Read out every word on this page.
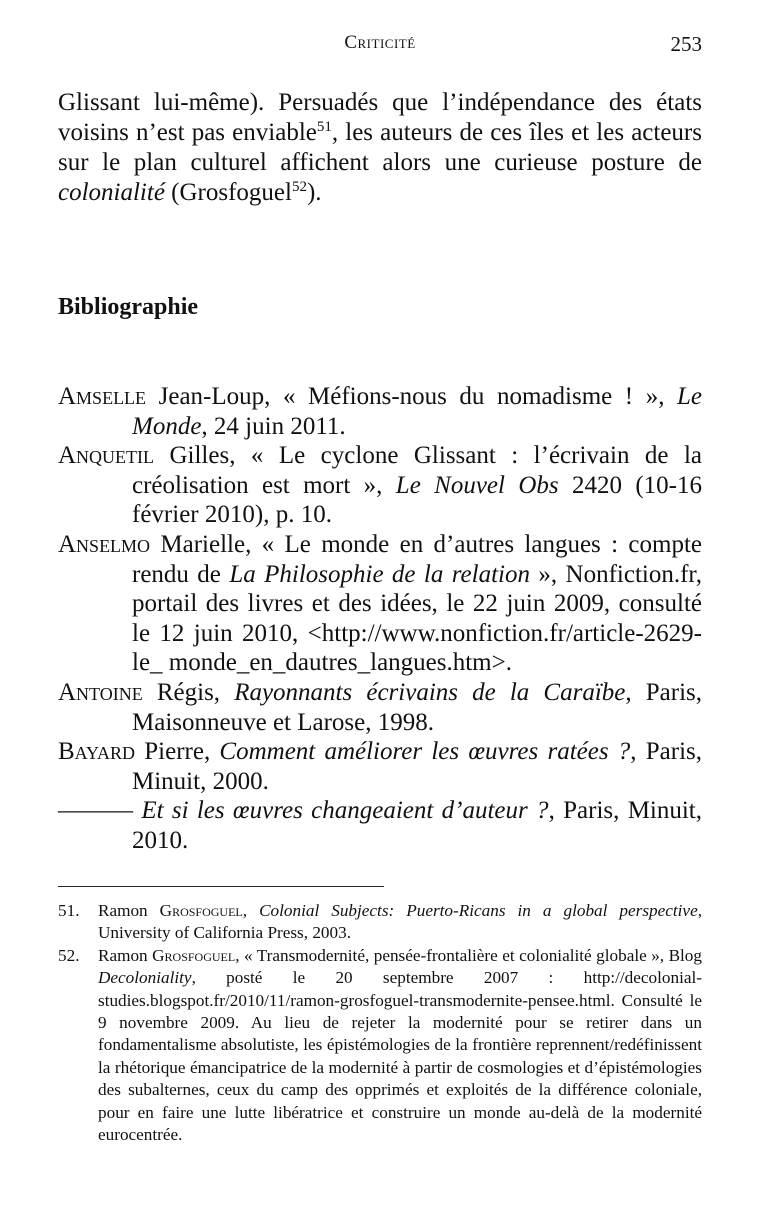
Criticité	253

Glissant lui-même). Persuadés que l’indépendance des états voisins n’est pas enviable$^{51}$, les auteurs de ces îles et les acteurs sur le plan culturel affichent alors une curieuse posture de colonialité (Grosfoguel$^{52}$).

Bibliographie
Amselle Jean-Loup, « Méfions-nous du nomadisme ! », Le Monde, 24 juin 2011.
Anquetil Gilles, « Le cyclone Glissant : l’écrivain de la créolisation est mort », Le Nouvel Obs 2420 (10-16 février 2010), p. 10.
Anselmo Marielle, « Le monde en d’autres langues : compte rendu de La Philosophie de la relation », Nonfiction.fr, portail des livres et des idées, le 22 juin 2009, consulté le 12 juin 2010, <http://www.nonfiction.fr/article-2629-le_ monde_en_dautres_langues.htm>.
Antoine Régis, Rayonnants écrivains de la Caraïbe, Paris, Maisonneuve et Larose, 1998.
Bayard Pierre, Comment améliorer les œuvres ratées ?, Paris, Minuit, 2000.
——— Et si les œuvres changeaient d’auteur ?, Paris, Minuit, 2010.
51. Ramon Grosfoguel, Colonial Subjects: Puerto-Ricans in a global perspective, University of California Press, 2003.
52. Ramon Grosfoguel, « Transmodernité, pensée-frontalière et colonialité globale », Blog Decoloniality, posté le 20 septembre 2007 : http://decolonial-studies.blogspot.fr/2010/11/ramon-grosfoguel-transmodernite-pensee.html. Consulté le 9 novembre 2009. Au lieu de rejeter la modernité pour se retirer dans un fondamentalisme absolutiste, les épistémologies de la frontière reprennent/redéfinissent la rhétorique émancipatrice de la modernité à partir de cosmologies et d’épistémologies des subalternes, ceux du camp des opprimés et exploités de la différence coloniale, pour en faire une lutte libératrice et construire un monde au-delà de la modernité eurocentrée.
